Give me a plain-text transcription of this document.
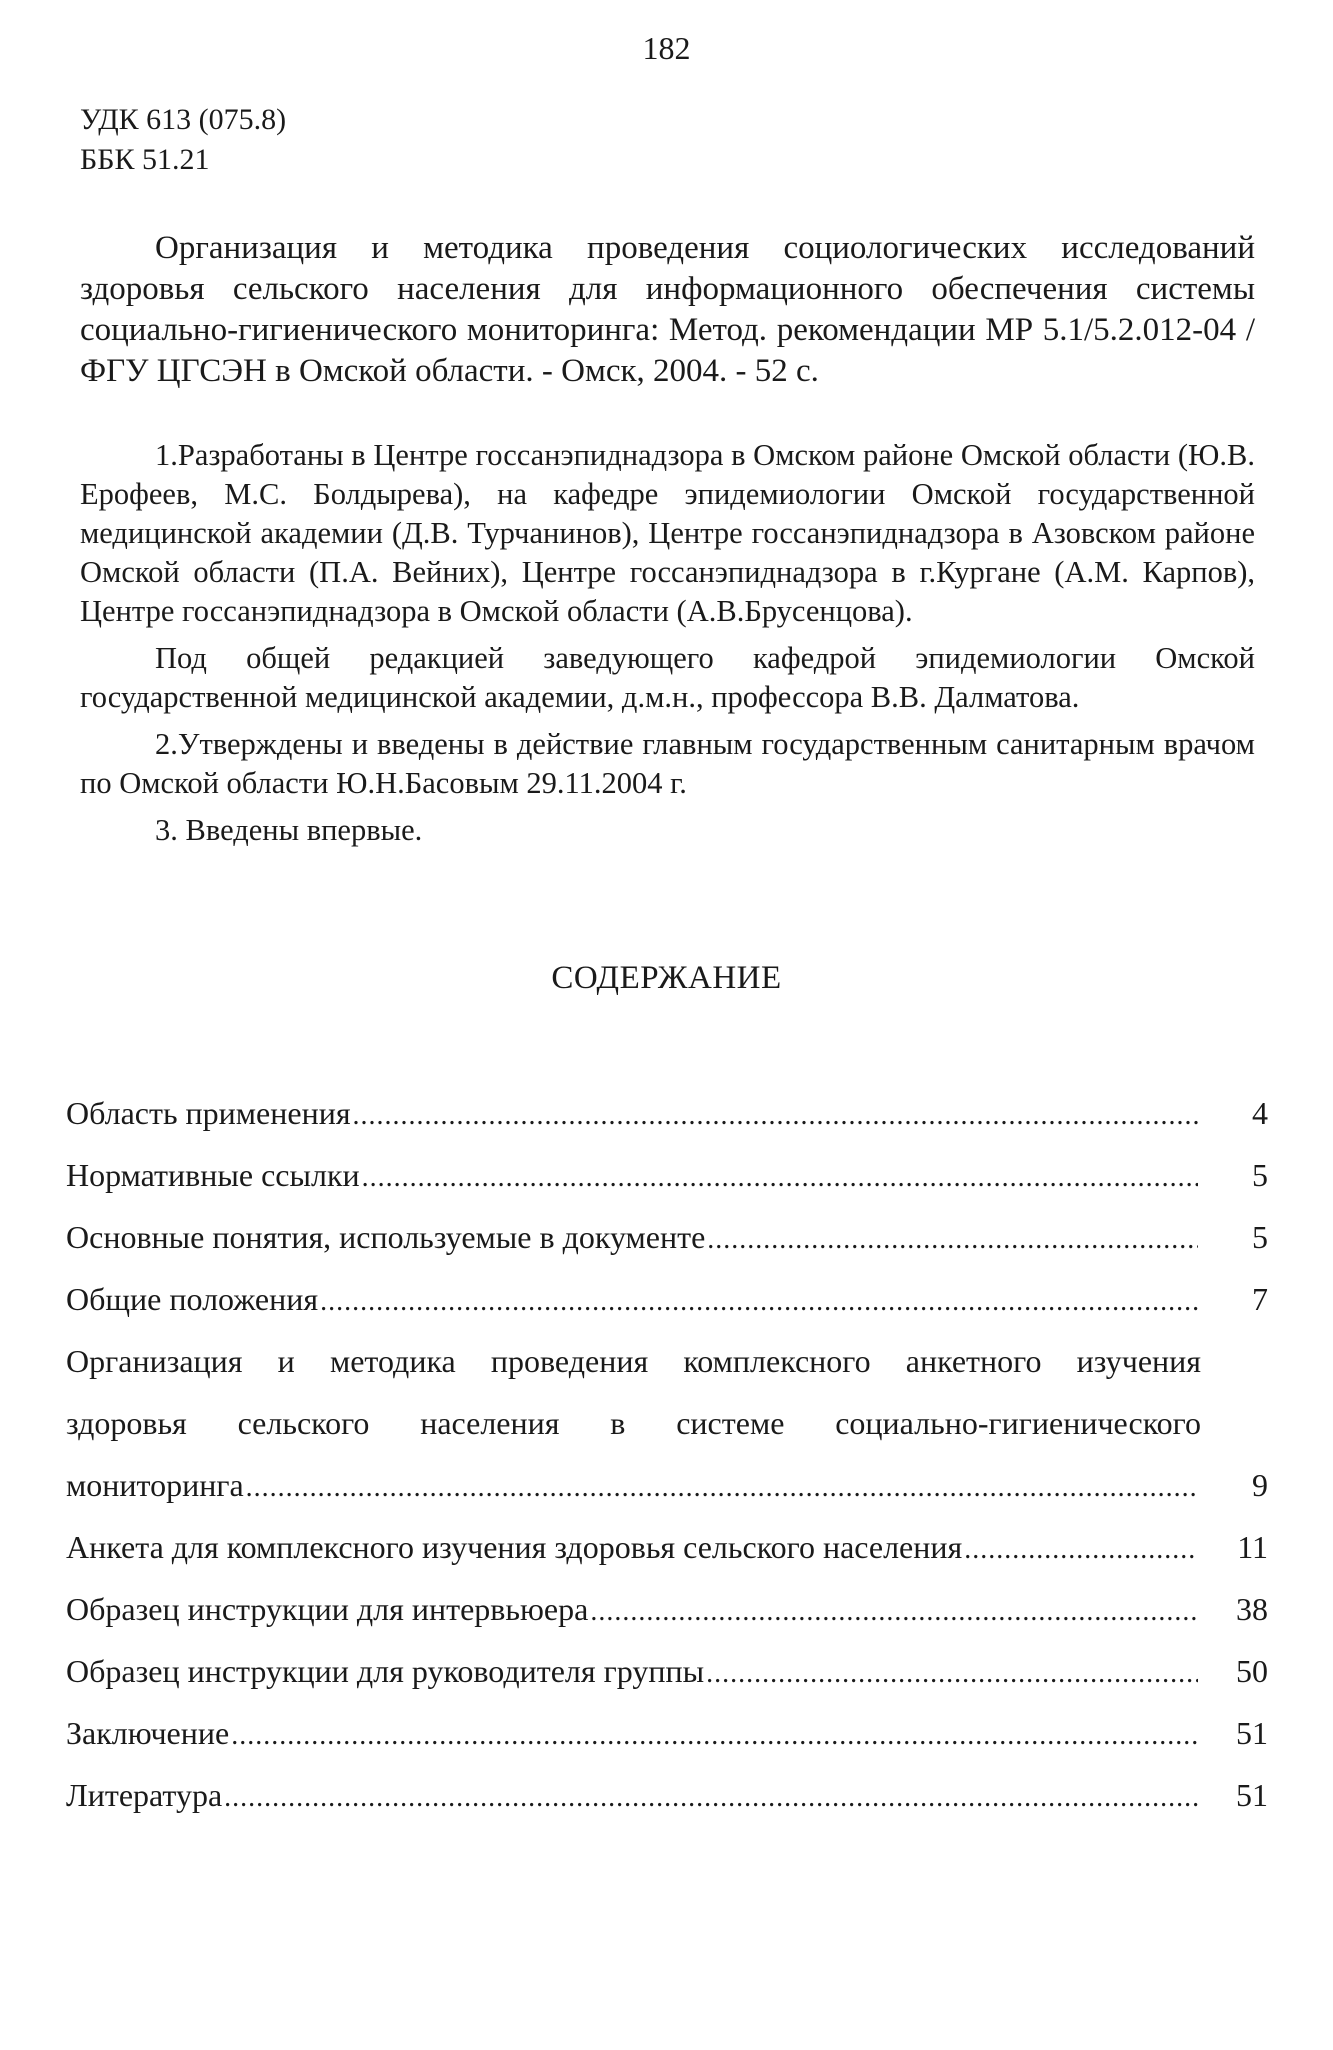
182
УДК 613 (075.8)
ББК 51.21

Организация и методика проведения социологических исследований здоровья сельского населения для информационного обеспечения системы социально-гигиенического мониторинга: Метод. рекомендации МР 5.1/5.2.012-04 /ФГУ ЦГСЭН в Омской области. - Омск, 2004. - 52 с.

1.Разработаны в Центре госсанэпиднадзора в Омском районе Омской области (Ю.В. Ерофеев, М.С. Болдырева), на кафедре эпидемиологии Омской государственной медицинской академии (Д.В. Турчанинов), Центре госсанэпиднадзора в Азовском районе Омской области (П.А. Вейних), Центре госсанэпиднадзора в г.Кургане (А.М. Карпов), Центре госсанэпиднадзора в Омской области (А.В.Брусенцова).

Под общей редакцией заведующего кафедрой эпидемиологии Омской государственной медицинской академии, д.м.н., профессора В.В. Далматова.

2.Утверждены и введены в действие главным государственным санитарным врачом по Омской области Ю.Н.Басовым 29.11.2004 г.

3. Введены впервые.

СОДЕРЖАНИЕ
Область применения .....	4
Нормативные ссылки .....	5
Основные понятия, используемые в документе .....	5
Общие положения .....	7
Организация и методика проведения комплексного анкетного изучения
здоровья сельского населения в системе социально-гигиенического
мониторинга .....	9
Анкета для комплексного изучения здоровья сельского населения .....	11
Образец инструкции для интервьюера .....	38
Образец инструкции для руководителя группы .....	50
Заключение .....	51
Литература .....	51
